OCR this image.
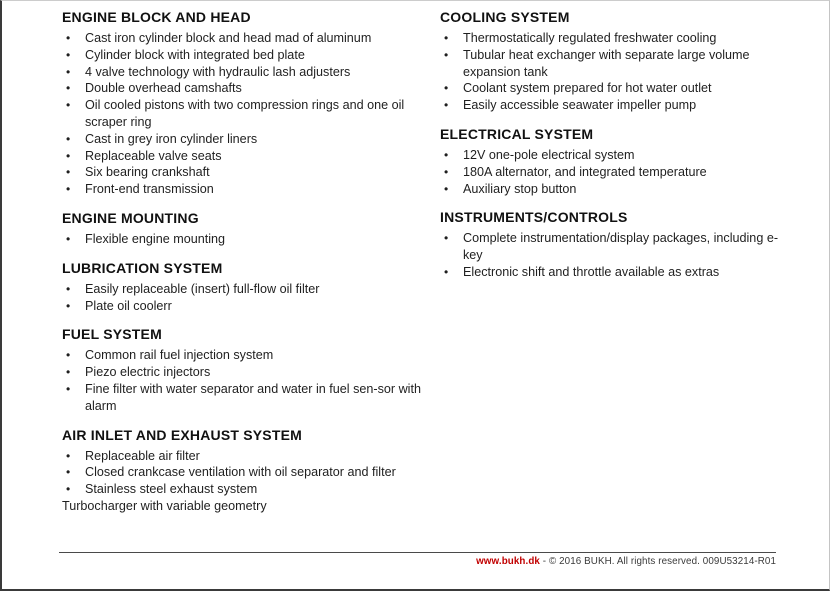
ENGINE BLOCK AND HEAD
• Cast iron cylinder block and head mad of aluminum
• Cylinder block with integrated bed plate
• 4 valve technology with hydraulic lash adjusters
• Double overhead camshafts
• Oil cooled pistons with two compression rings and one oil scraper ring
• Cast in grey iron cylinder liners
• Replaceable valve seats
• Six bearing crankshaft
• Front-end transmission
ENGINE MOUNTING
• Flexible engine mounting
LUBRICATION SYSTEM
• Easily replaceable (insert) full-flow oil filter
• Plate oil coolerr
FUEL SYSTEM
• Common rail fuel injection system
• Piezo electric injectors
• Fine filter with water separator and water in fuel sen-sor with alarm
AIR INLET AND EXHAUST SYSTEM
• Replaceable air filter
• Closed crankcase ventilation with oil separator and filter
• Stainless steel exhaust system
Turbocharger with variable geometry
COOLING SYSTEM
• Thermostatically regulated freshwater cooling
• Tubular heat exchanger with separate large volume expansion tank
• Coolant system prepared for hot water outlet
• Easily accessible seawater impeller pump
ELECTRICAL SYSTEM
• 12V one-pole electrical system
• 180A alternator, and integrated temperature
• Auxiliary stop button
INSTRUMENTS/CONTROLS
• Complete instrumentation/display packages, including e-key
• Electronic shift and throttle available as extras
www.bukh.dk - © 2016 BUKH. All rights reserved. 009U53214-R01
